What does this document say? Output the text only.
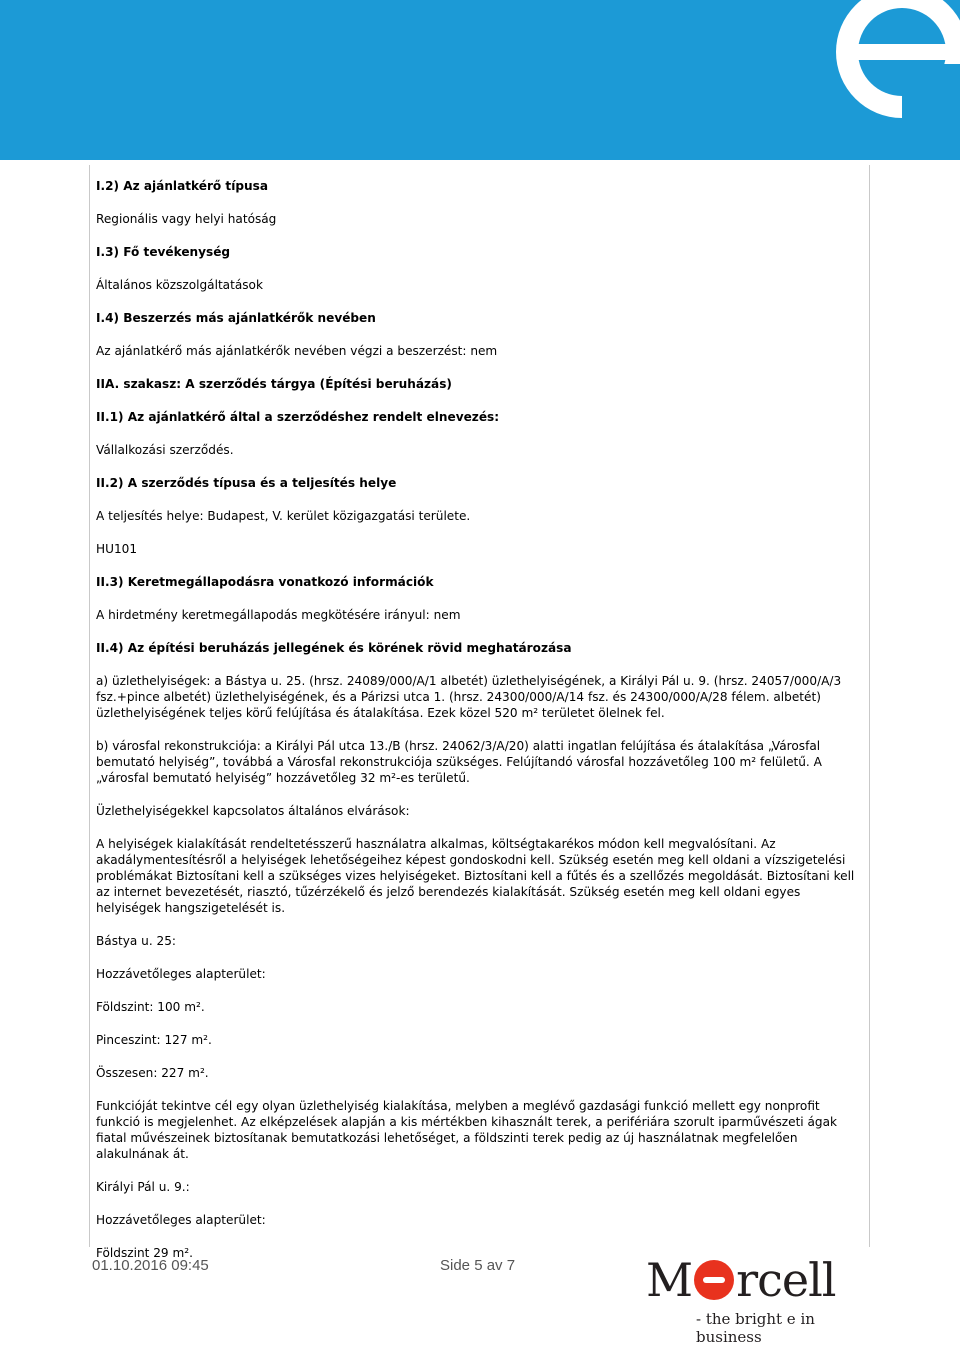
I.2) Az ajánlatkérő típusa

Regionális vagy helyi hatóság

I.3) Fő tevékenység

Általános közszolgáltatások

I.4) Beszerzés más ajánlatkérők nevében

Az ajánlatkérő más ajánlatkérők nevében végzi a beszerzést: nem

IIA. szakasz: A szerződés tárgya (Építési beruházás)

II.1) Az ajánlatkérő által a szerződéshez rendelt elnevezés:

Vállalkozási szerződés.

II.2) A szerződés típusa és a teljesítés helye

A teljesítés helye: Budapest, V. kerület közigazgatási területe.

HU101

II.3) Keretmegállapodásra vonatkozó információk

A hirdetmény keretmegállapodás megkötésére irányul: nem

II.4) Az építési beruházás jellegének és körének rövid meghatározása

a) üzlethelyiségek: a Bástya u. 25. (hrsz. 24089/000/A/1 albetét) üzlethelyiségének, a Királyi Pál u. 9. (hrsz. 24057/000/A/3 fsz.+pince albetét) üzlethelyiségének, és a Párizsi utca 1. (hrsz. 24300/000/A/14 fsz. és 24300/000/A/28 félem. albetét) üzlethelyiségének teljes körű felújítása és átalakítása. Ezek közel 520 m² területet ölelnek fel.

b) városfal rekonstrukciója: a Királyi Pál utca 13./B (hrsz. 24062/3/A/20) alatti ingatlan felújítása és átalakítása „Városfal bemutató helyiség”, továbbá a Városfal rekonstrukciója szükséges. Felújítandó városfal hozzávetőleg 100 m² felületű. A „városfal bemutató helyiség” hozzávetőleg 32 m²-es területű.

Üzlethelyiségekkel kapcsolatos általános elvárások:

A helyiségek kialakítását rendeltetésszerű használatra alkalmas, költségtakarékos módon kell megvalósítani. Az akadálymentesítésről a helyiségek lehetőségeihez képest gondoskodni kell. Szükség esetén meg kell oldani a vízszigetelési problémákat Biztosítani kell a szükséges vizes helyiségeket. Biztosítani kell a fűtés és a szellőzés megoldását. Biztosítani kell az internet bevezetését, riasztó, tűzérzékelő és jelző berendezés kialakítását. Szükség esetén meg kell oldani egyes helyiségek hangszigetelését is.

Bástya u. 25:

Hozzávetőleges alapterület:

Földszint: 100 m².

Pinceszint: 127 m².

Összesen: 227 m².

Funkcióját tekintve cél egy olyan üzlethelyiség kialakítása, melyben a meglévő gazdasági funkció mellett egy nonprofit funkció is megjelenhet. Az elképzelések alapján a kis mértékben kihasznált terek, a perifériára szorult iparművészeti ágak fiatal művészeinek biztosítanak bemutatkozási lehetőséget, a földszinti terek pedig az új használatnak megfelelően alakulnának át.

Királyi Pál u. 9.:

Hozzávetőleges alapterület:

Földszint 29 m².

01.10.2016 09:45	Side 5 av 7	M rcell
- the bright e in business
